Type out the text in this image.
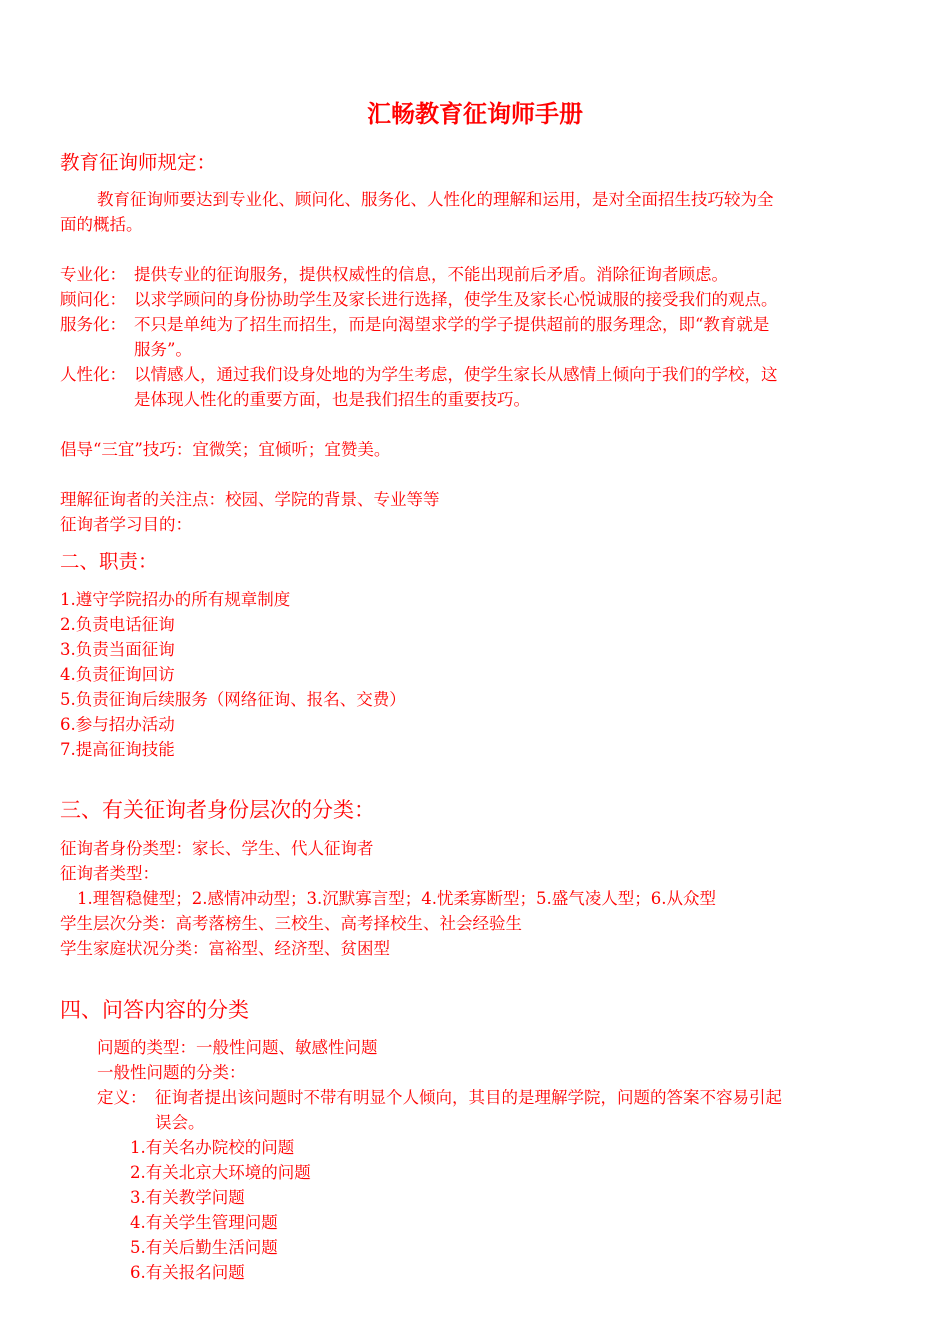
汇畅教育征询师手册
教育征询师规定：
教育征询师要达到专业化、顾问化、服务化、人性化的理解和运用，是对全面招生技巧较为全
面的概括。
专业化： 提供专业的征询服务，提供权威性的信息，不能出现前后矛盾。消除征询者顾虑。
顾问化： 以求学顾问的身份协助学生及家长进行选择，使学生及家长心悦诚服的接受我们的观点。
服务化： 不只是单纯为了招生而招生，而是向渴望求学的学子提供超前的服务理念，即“教育就是
服务”。
人性化： 以情感人，通过我们设身处地的为学生考虑，使学生家长从感情上倾向于我们的学校，这
是体现人性化的重要方面，也是我们招生的重要技巧。
倡导“三宜”技巧：宜微笑；宜倾听；宜赞美。
理解征询者的关注点：校园、学院的背景、专业等等
征询者学习目的：
二、职责：
1.遵守学院招办的所有规章制度
2.负责电话征询
3.负责当面征询
4.负责征询回访
5.负责征询后续服务（网络征询、报名、交费）
6.参与招办活动
7.提高征询技能
三、有关征询者身份层次的分类：
征询者身份类型：家长、学生、代人征询者
征询者类型：
1.理智稳健型；2.感情冲动型；3.沉默寡言型；4.忧柔寡断型；5.盛气凌人型；6.从众型
学生层次分类：高考落榜生、三校生、高考择校生、社会经验生
学生家庭状况分类：富裕型、经济型、贫困型
四、问答内容的分类
问题的类型：一般性问题、敏感性问题
一般性问题的分类：
定义： 征询者提出该问题时不带有明显个人倾向，其目的是理解学院，问题的答案不容易引起
误会。
1.有关名办院校的问题
2.有关北京大环境的问题
3.有关教学问题
4.有关学生管理问题
5.有关后勤生活问题
6.有关报名问题
